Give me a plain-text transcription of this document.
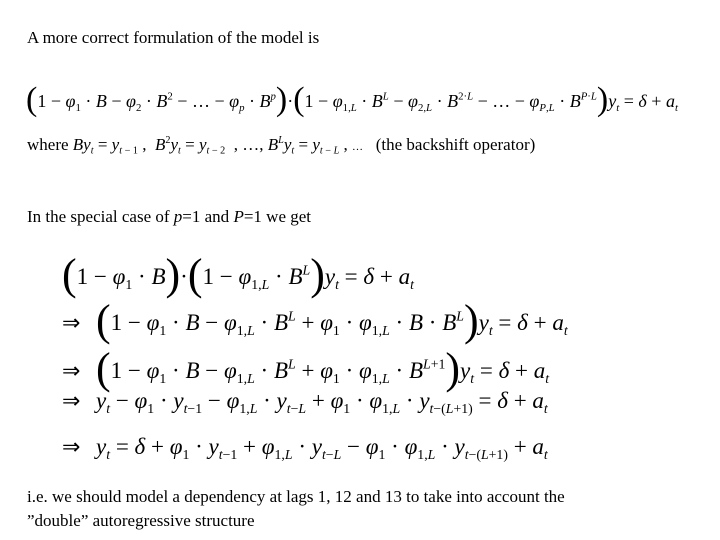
A more correct formulation of the model is
($1 - \varphi_1 \cdot B - \varphi_2 \cdot B^2$ − … − $\varphi_p \cdot B^p)\cdot(1 - \varphi_{1,L} \cdot B^L - \varphi_{2,L} \cdot B^{2\cdot L}$ − … − $\varphi_{P,L} \cdot B^{P\cdot L})y_t = \delta + a_t$
where $By_t = y_{t - 1}$ ,  $B^2y_t = y_{t - 2}$  , …, $B^Ly_t = y_{t - L}$ , … (the backshift operator)
In the special case of p=1 and P=1 we get
$(1 - \varphi_1 \cdot B)\cdot(1 - \varphi_{1,L} \cdot B^L)y_t = \delta + a_t$
⇒ $(1 - \varphi_1 \cdot B - \varphi_{1,L} \cdot B^L + \varphi_1 \cdot \varphi_{1,L} \cdot B \cdot B^L)y_t = \delta + a_t$
⇒ $(1 - \varphi_1 \cdot B - \varphi_{1,L} \cdot B^L + \varphi_1 \cdot \varphi_{1,L} \cdot B^{L+1})y_t = \delta + a_t$
⇒ $y_t - \varphi_1 \cdot y_{t-1} - \varphi_{1,L} \cdot y_{t-L} + \varphi_1 \cdot \varphi_{1,L} \cdot y_{t-(L+1)} = \delta + a_t$
⇒ $y_t = \delta + \varphi_1 \cdot y_{t-1} + \varphi_{1,L} \cdot y_{t-L} - \varphi_1 \cdot \varphi_{1,L} \cdot y_{t-(L+1)} + a_t$
i.e. we should model a dependency at lags 1, 12 and 13 to take into account the
”double” autoregressive structure
